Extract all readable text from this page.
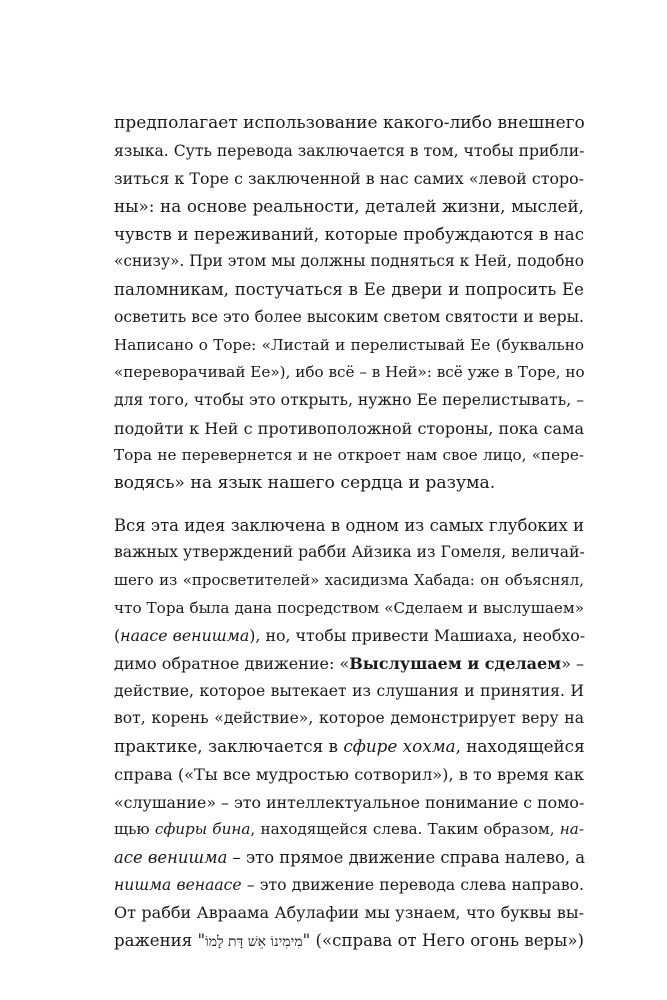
предполагает использование какого-либо внешнего
языка. Суть перевода заключается в том, чтобы прибли-
зиться к Торе с заключенной в нас самих «левой сторо-
ны»: на основе реальности, деталей жизни, мыслей,
чувств и переживаний, которые пробуждаются в нас
«снизу». При этом мы должны подняться к Ней, подобно
паломникам, постучаться в Ее двери и попросить Ее
осветить все это более высоким светом святости и веры.
Написано о Торе: «Листай и перелистывай Ее (буквально
«переворачивай Ее»), ибо всё – в Ней»: всё уже в Торе, но
для того, чтобы это открыть, нужно Ее перелистывать, –
подойти к Ней с противоположной стороны, пока сама
Тора не перевернется и не откроет нам свое лицо, «пере-
водясь» на язык нашего сердца и разума.
Вся эта идея заключена в одном из самых глубоких и
важных утверждений рабби Айзика из Гомеля, величай-
шего из «просветителей» хасидизма Хабада: он объяснял,
что Тора была дана посредством «Сделаем и выслушаем»
(наасе венишма), но, чтобы привести Машиаха, необхо-
димо обратное движение: «Выслушаем и сделаем» –
действие, которое вытекает из слушания и принятия. И
вот, корень «действие», которое демонстрирует веру на
практике, заключается в сфире хохма, находящейся
справа («Ты все мудростью сотворил»), в то время как
«слушание» – это интеллектуальное понимание с помо-
щью сфиры бина, находящейся слева. Таким образом, на-
асе венишма – это прямое движение справа налево, а
нишма венаасе – это движение перевода слева направо.
От рабби Авраама Абулафии мы узнаем, что буквы вы-
ражения "מִימִינוֹ אֵשׁ דָּת לָמוֹ" («справа от Него огонь веры»)
